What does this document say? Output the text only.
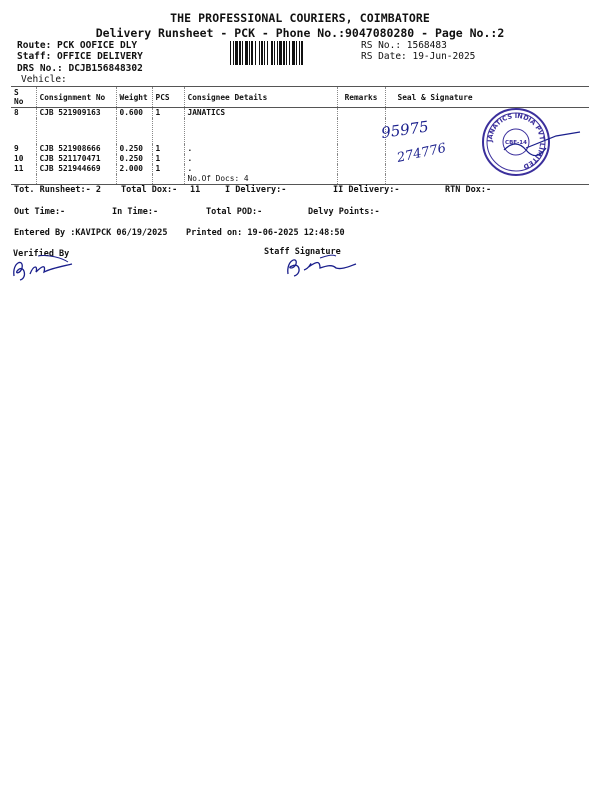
THE PROFESSIONAL COURIERS, COIMBATORE
Delivery Runsheet - PCK - Phone No.:9047080280 - Page No.:2
Route: PCK OOFICE DLY
Staff: OFFICE DELIVERY
DRS No.: DCJB156848302
Vehicle:
RS No.: 1568483
RS Date: 19-Jun-2025
S No	Consignment No	Weight	PCS	Consignee Details	Remarks	Seal & Signature
8	CJB 521909163	0.600	1	JANATICS		

9	CJB 521908666	0.250	1	.		
10	CJB 521170471	0.250	1	.		
11	CJB 521944669	2.000	1	.		
				No.Of Docs: 4		
JANATICS INDIA PVT LIMITED
CBE-14
95975
274776
Tot. Runsheet:- 2 Total Dox:- 11	I Delivery:-	II Delivery:-	RTN Dox:-
Out Time:-	In Time:-	Total POD:-	Delvy Points:-
Entered By :KAVIPCK 06/19/2025 Printed on: 19-06-2025 12:48:50
Verified By	Staff Signature
